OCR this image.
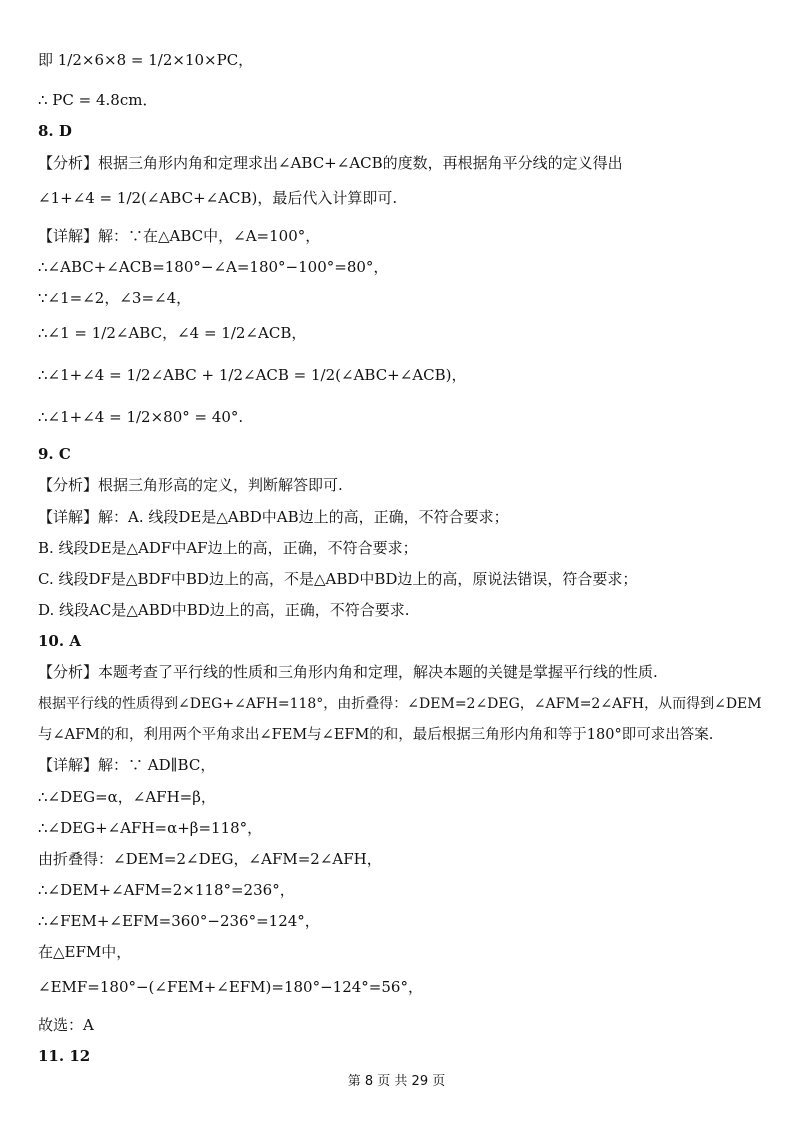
即 1/2×6×8 = 1/2×10×PC，
∴ PC = 4.8cm．
8. D
【分析】根据三角形内角和定理求出∠ABC+∠ACB的度数，再根据角平分线的定义得出
∠1+∠4 = 1/2(∠ABC+∠ACB)，最后代入计算即可.
【详解】解：∵在△ABC中，∠A=100°，
∴∠ABC+∠ACB=180°−∠A=180°−100°=80°，
∵∠1=∠2，∠3=∠4，
∴∠1 = 1/2∠ABC，∠4 = 1/2∠ACB，
∴∠1+∠4 = 1/2∠ABC + 1/2∠ACB = 1/2(∠ABC+∠ACB)，
∴∠1+∠4 = 1/2×80° = 40°.
9. C
【分析】根据三角形高的定义，判断解答即可.
【详解】解：A. 线段DE是△ABD中AB边上的高，正确，不符合要求；
B. 线段DE是△ADF中AF边上的高，正确，不符合要求；
C. 线段DF是△BDF中BD边上的高，不是△ABD中BD边上的高，原说法错误，符合要求；
D. 线段AC是△ABD中BD边上的高，正确，不符合要求.
10. A
【分析】本题考查了平行线的性质和三角形内角和定理，解决本题的关键是掌握平行线的性质.
根据平行线的性质得到∠DEG+∠AFH=118°，由折叠得：∠DEM=2∠DEG，∠AFM=2∠AFH，从而得到∠DEM
与∠AFM的和，利用两个平角求出∠FEM与∠EFM的和，最后根据三角形内角和等于180°即可求出答案.
【详解】解：∵ AD∥BC，
∴∠DEG=α，∠AFH=β，
∴∠DEG+∠AFH=α+β=118°，
由折叠得：∠DEM=2∠DEG，∠AFM=2∠AFH，
∴∠DEM+∠AFM=2×118°=236°，
∴∠FEM+∠EFM=360°−236°=124°，
在△EFM中，
∠EMF=180°−(∠FEM+∠EFM)=180°−124°=56°，
故选：A
11. 12
第 8 页 共 29 页
